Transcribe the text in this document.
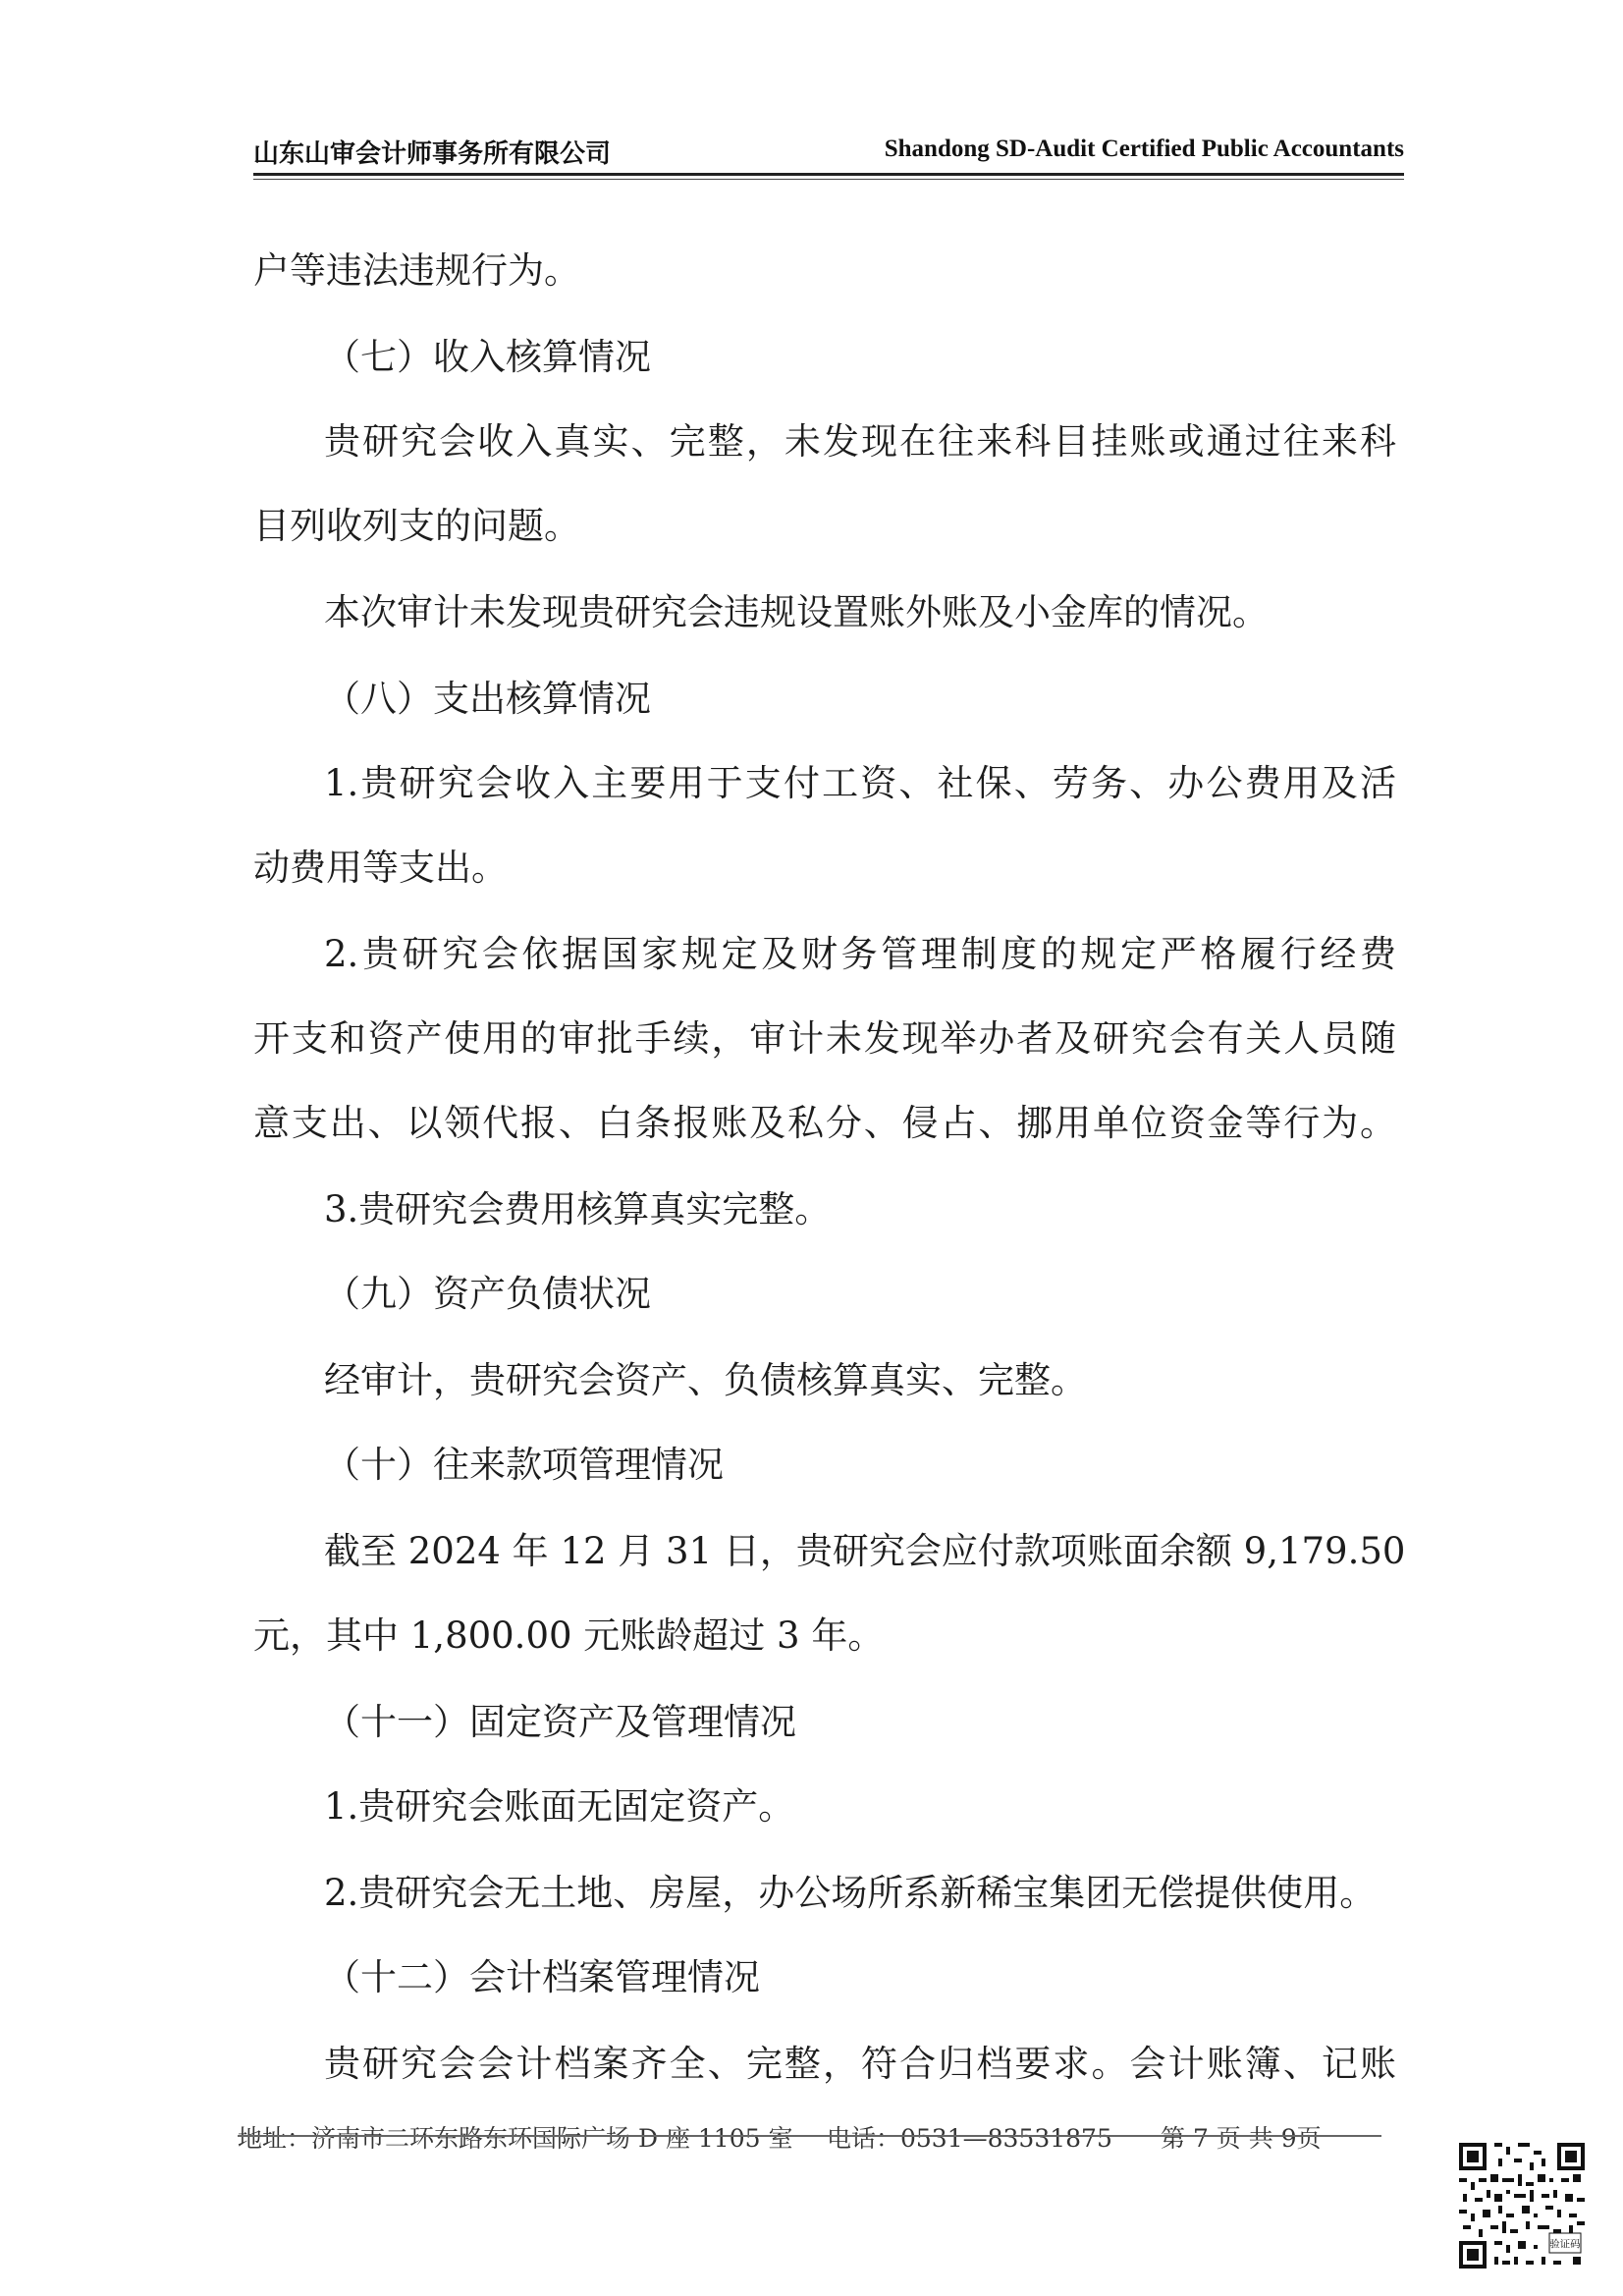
山东山审会计师事务所有限公司	Shandong SD-Audit Certified Public Accountants
户等违法违规行为。
（七）收入核算情况
贵研究会收入真实、完整，未发现在往来科目挂账或通过往来科
目列收列支的问题。
本次审计未发现贵研究会违规设置账外账及小金库的情况。
（八）支出核算情况
1.贵研究会收入主要用于支付工资、社保、劳务、办公费用及活
动费用等支出。
2.贵研究会依据国家规定及财务管理制度的规定严格履行经费
开支和资产使用的审批手续，审计未发现举办者及研究会有关人员随
意支出、以领代报、白条报账及私分、侵占、挪用单位资金等行为。
3.贵研究会费用核算真实完整。
（九）资产负债状况
经审计，贵研究会资产、负债核算真实、完整。
（十）往来款项管理情况
截至 2024 年 12 月 31 日，贵研究会应付款项账面余额 9,179.50
元，其中 1,800.00 元账龄超过 3 年。
（十一）固定资产及管理情况
1.贵研究会账面无固定资产。
2.贵研究会无土地、房屋，办公场所系新稀宝集团无偿提供使用。
（十二）会计档案管理情况
贵研究会会计档案齐全、完整，符合归档要求。会计账簿、记账
地址：济南市二环东路东环国际广场 D 座 1105 室 电话：0531—83531875 第 7 页 共 9页
验证码
